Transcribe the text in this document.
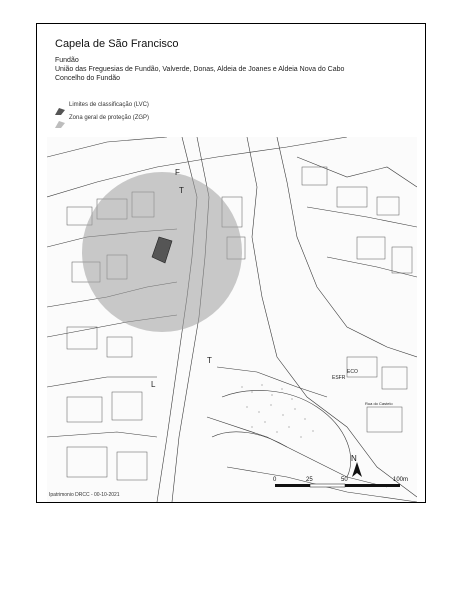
Capela de São Francisco
Fundão
União das Freguesias de Fundão, Valverde, Donas, Aldeia de Joanes e Aldeia Nova do Cabo
Concelho do Fundão
Limites de classificação (LVC)
Zona geral de proteção (ZGP)
N
F
T
T
L
ESFR
ECO
Rua do Castelo
0	25	50	100m
Ipatrimonio DRCC - 00-10-2021
